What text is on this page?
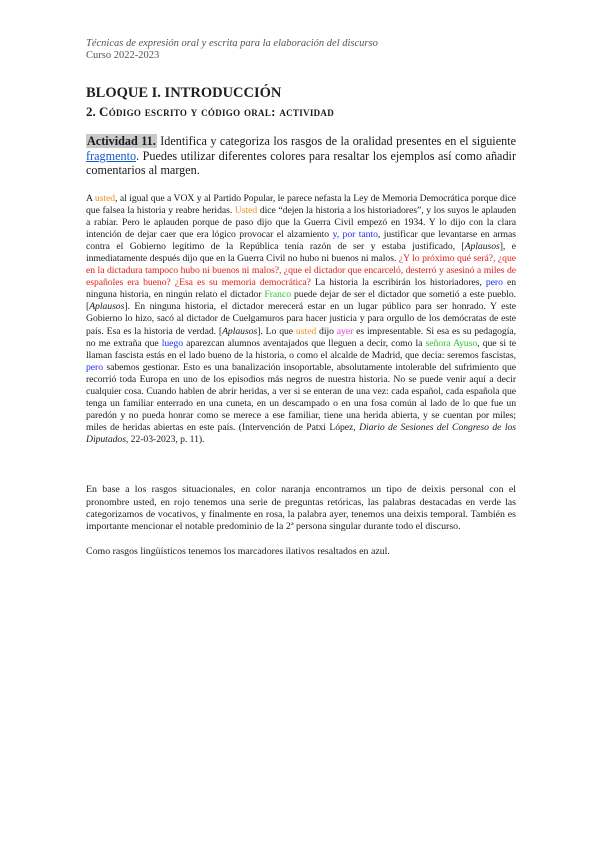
Técnicas de expresión oral y escrita para la elaboración del discurso
Curso 2022-2023
BLOQUE I. INTRODUCCIÓN
2. Código escrito y código oral: actividad
Actividad 11. Identifica y categoriza los rasgos de la oralidad presentes en el siguiente fragmento. Puedes utilizar diferentes colores para resaltar los ejemplos así como añadir comentarios al margen.
A usted, al igual que a VOX y al Partido Popular, le parece nefasta la Ley de Memoria Democrática porque dice que falsea la historia y reabre heridas. Usted dice “dejen la historia a los historiadores”, y los suyos le aplauden a rabiar. Pero le aplauden porque de paso dijo que la Guerra Civil empezó en 1934. Y lo dijo con la clara intención de dejar caer que era lógico provocar el alzamiento y, por tanto, justificar que levantarse en armas contra el Gobierno legítimo de la República tenía razón de ser y estaba justificado, [Aplausos], e inmediatamente después dijo que en la Guerra Civil no hubo ni buenos ni malos. ¿Y lo próximo qué será?, ¿que en la dictadura tampoco hubo ni buenos ni malos?, ¿que el dictador que encarceló, desterró y asesinó a miles de españoles era bueno? ¿Esa es su memoria democrática? La historia la escribirán los historiadores, pero en ninguna historia, en ningún relato el dictador Franco puede dejar de ser el dictador que sometió a este pueblo. [Aplausos]. En ninguna historia, el dictador merecerá estar en un lugar público para ser honrado. Y este Gobierno lo hizo, sacó al dictador de Cuelgamuros para hacer justicia y para orgullo de los demócratas de este país. Esa es la historia de verdad. [Aplausos]. Lo que usted dijo ayer es impresentable. Si esa es su pedagogía, no me extraña que luego aparezcan alumnos aventajados que lleguen a decir, como la señora Ayuso, que si te llaman fascista estás en el lado bueno de la historia, o como el alcalde de Madrid, que decía: seremos fascistas, pero sabemos gestionar. Esto es una banalización insoportable, absolutamente intolerable del sufrimiento que recorrió toda Europa en uno de los episodios más negros de nuestra historia. No se puede venir aquí a decir cualquier cosa. Cuando hablen de abrir heridas, a ver si se enteran de una vez: cada español, cada española que tenga un familiar enterrado en una cuneta, en un descampado o en una fosa común al lado de lo que fue un paredón y no pueda honrar como se merece a ese familiar, tiene una herida abierta, y se cuentan por miles; miles de heridas abiertas en este país. (Intervención de Patxi López, Diario de Sesiones del Congreso de los Diputados, 22-03-2023, p. 11).
En base a los rasgos situacionales, en color naranja encontramos un tipo de deixis personal con el pronombre usted, en rojo tenemos una serie de preguntas retóricas, las palabras destacadas en verde las categorizamos de vocativos, y finalmente en rosa, la palabra ayer, tenemos una deixis temporal. También es importante mencionar el notable predominio de la 2ª persona singular durante todo el discurso.
Como rasgos lingüísticos tenemos los marcadores ilativos resaltados en azul.
